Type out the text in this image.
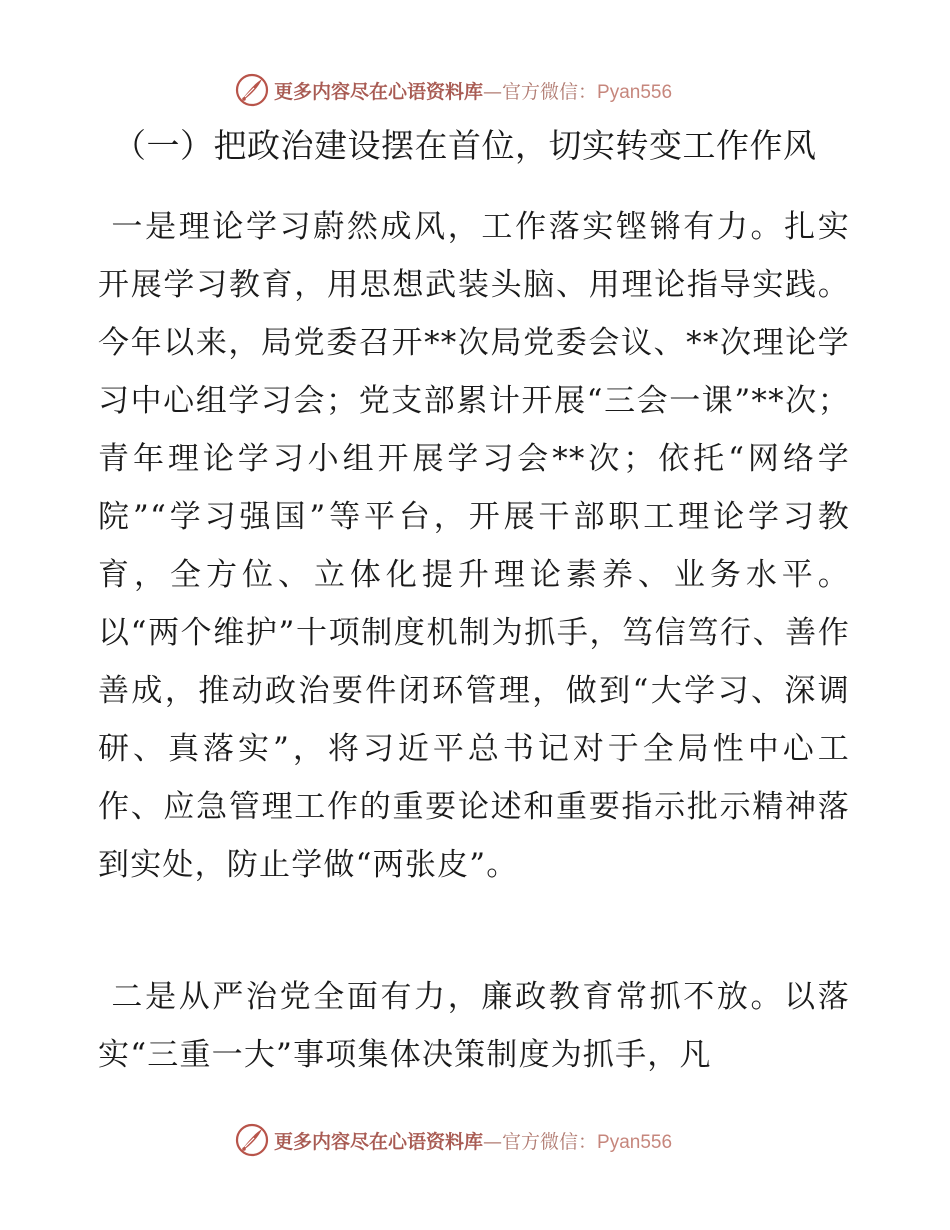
更多内容尽在心语资料库—官方微信：Pyan556
（一）把政治建设摆在首位，切实转变工作作风

一是理论学习蔚然成风，工作落实铿锵有力。扎实开展学习教育，用思想武装头脑、用理论指导实践。今年以来，局党委召开**次局党委会议、**次理论学习中心组学习会；党支部累计开展“三会一课”**次；青年理论学习小组开展学习会**次；依托“网络学院”“学习强国”等平台，开展干部职工理论学习教育，全方位、立体化提升理论素养、业务水平。以“两个维护”十项制度机制为抓手，笃信笃行、善作善成，推动政治要件闭环管理，做到“大学习、深调研、真落实”，将习近平总书记对于全局性中心工作、应急管理工作的重要论述和重要指示批示精神落到实处，防止学做“两张皮”。

二是从严治党全面有力，廉政教育常抓不放。以落实“三重一大”事项集体决策制度为抓手，凡

更多内容尽在心语资料库—官方微信：Pyan556
